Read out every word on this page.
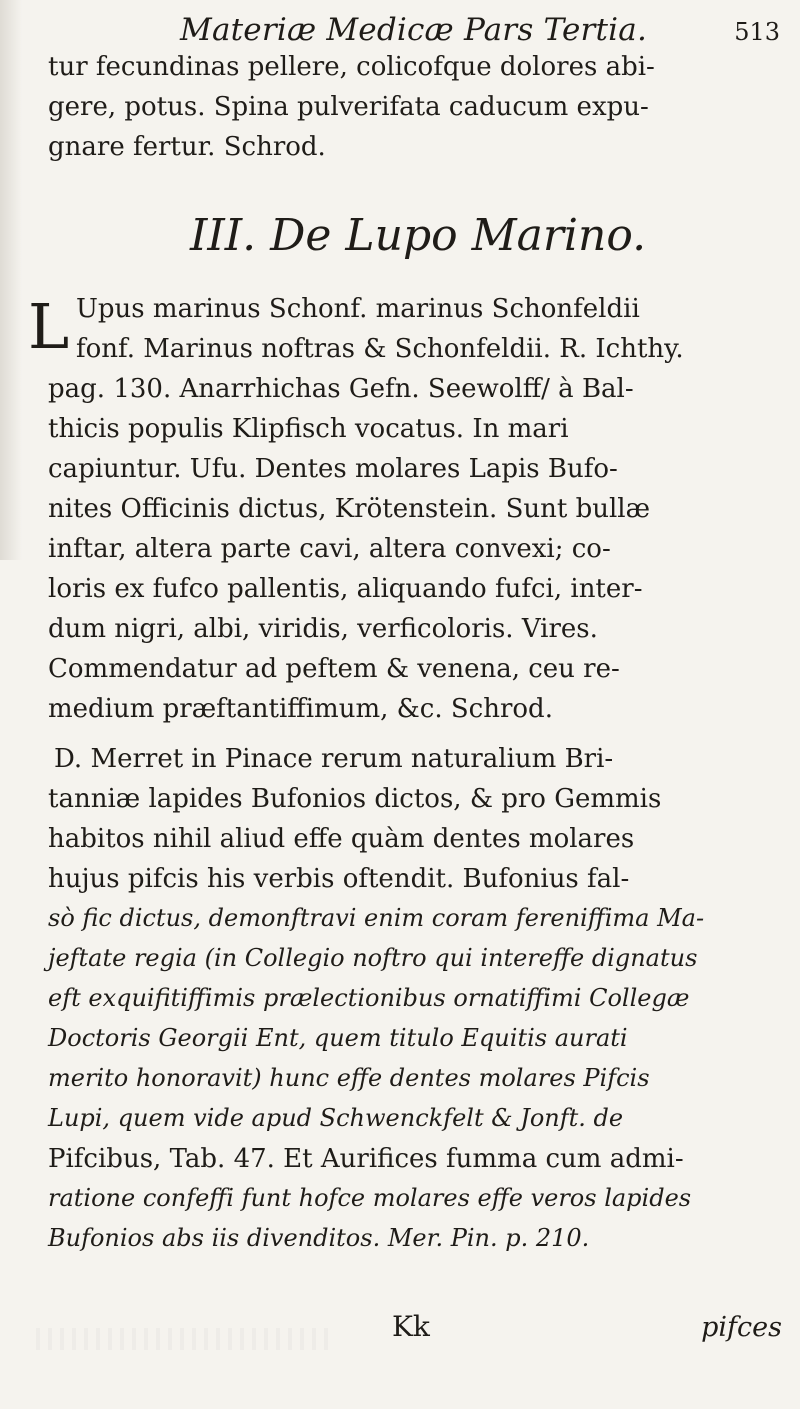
Materiæ Medicæ Pars Tertia.	513
tur fecundinas pellere, colicofque dolores abi-
gere, potus. Spina pulverifata caducum expu-
gnare fertur. Schrod.
III. De Lupo Marino.
L Upus marinus Schonf. marinus Schonfeldii
fonf. Marinus noftras & Schonfeldii. R. Ichthy.
pag. 130. Anarrhichas Gefn. Seewolff/ à Bal-
thicis populis Klipfisch vocatus. In mari
capiuntur. Ufu. Dentes molares Lapis Bufo-
nites Officinis dictus, Krötenstein. Sunt bullæ
inftar, altera parte cavi, altera convexi; co-
loris ex fufco pallentis, aliquando fufci, inter-
dum nigri, albi, viridis, verficoloris. Vires.
Commendatur ad peftem & venena, ceu re-
medium præftantiffimum, &c. Schrod.
D. Merret in Pinace rerum naturalium Bri-
tanniæ lapides Bufonios dictos, & pro Gemmis
habitos nihil aliud effe quàm dentes molares
hujus pifcis his verbis oftendit. Bufonius fal-
sò fic dictus, demonftravi enim coram fereniffima Ma-
jeftate regia (in Collegio noftro qui intereffe dignatus
eft exquifitiffimis prælectionibus ornatiffimi Collegæ
Doctoris Georgii Ent, quem titulo Equitis aurati
merito honoravit) hunc effe dentes molares Pifcis
Lupi, quem vide apud Schwenckfelt & Jonft. de
Pifcibus, Tab. 47. Et Aurifices fumma cum admi-
ratione confeffi funt hofce molares effe veros lapides
Bufonios abs iis divenditos. Mer. Pin. p. 210.
Kk	pifces
